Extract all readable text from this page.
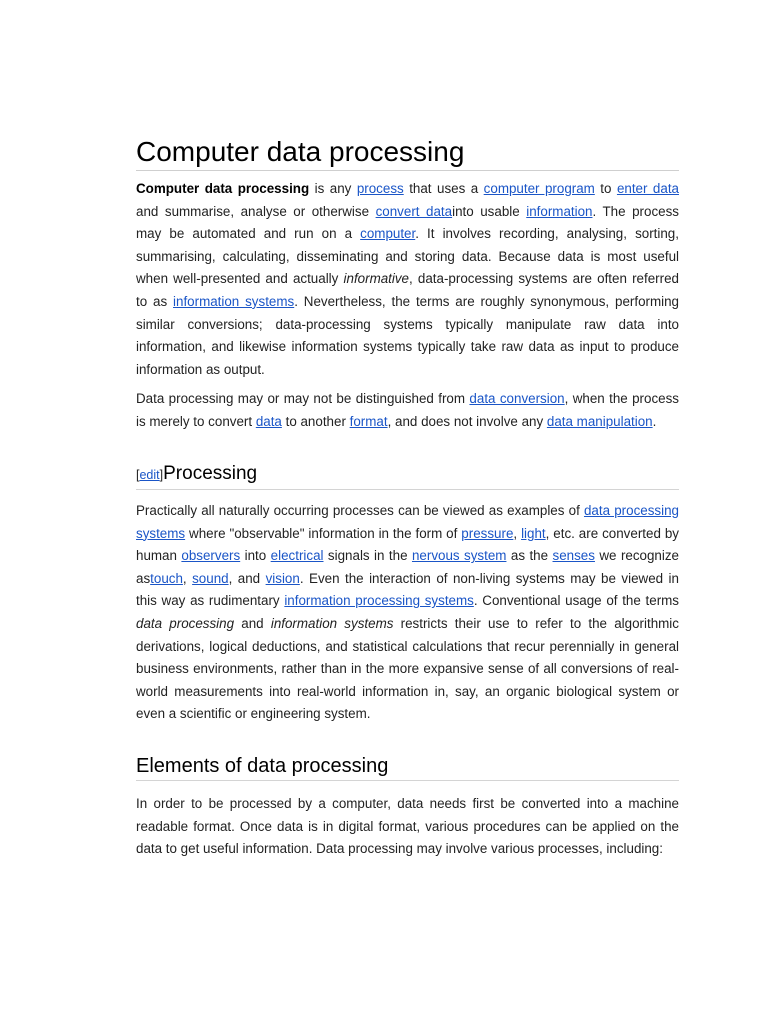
Computer data processing

Computer data processing is any process that uses a computer program to enter data and summarise, analyse or otherwise convert datainto usable information. The process may be automated and run on a computer. It involves recording, analysing, sorting, summarising, calculating, disseminating and storing data. Because data is most useful when well-presented and actually informative, data-processing systems are often referred to as information systems. Nevertheless, the terms are roughly synonymous, performing similar conversions; data-processing systems typically manipulate raw data into information, and likewise information systems typically take raw data as input to produce information as output.

Data processing may or may not be distinguished from data conversion, when the process is merely to convert data to another format, and does not involve any data manipulation.

[edit]Processing

Practically all naturally occurring processes can be viewed as examples of data processing systems where "observable" information in the form of pressure, light, etc. are converted by human observers into electrical signals in the nervous system as the senses we recognize astouch, sound, and vision. Even the interaction of non-living systems may be viewed in this way as rudimentary information processing systems. Conventional usage of the terms data processing and information systems restricts their use to refer to the algorithmic derivations, logical deductions, and statistical calculations that recur perennially in general business environments, rather than in the more expansive sense of all conversions of real-world measurements into real-world information in, say, an organic biological system or even a scientific or engineering system.

Elements of data processing

In order to be processed by a computer, data needs first be converted into a machine readable format. Once data is in digital format, various procedures can be applied on the data to get useful information. Data processing may involve various processes, including:
